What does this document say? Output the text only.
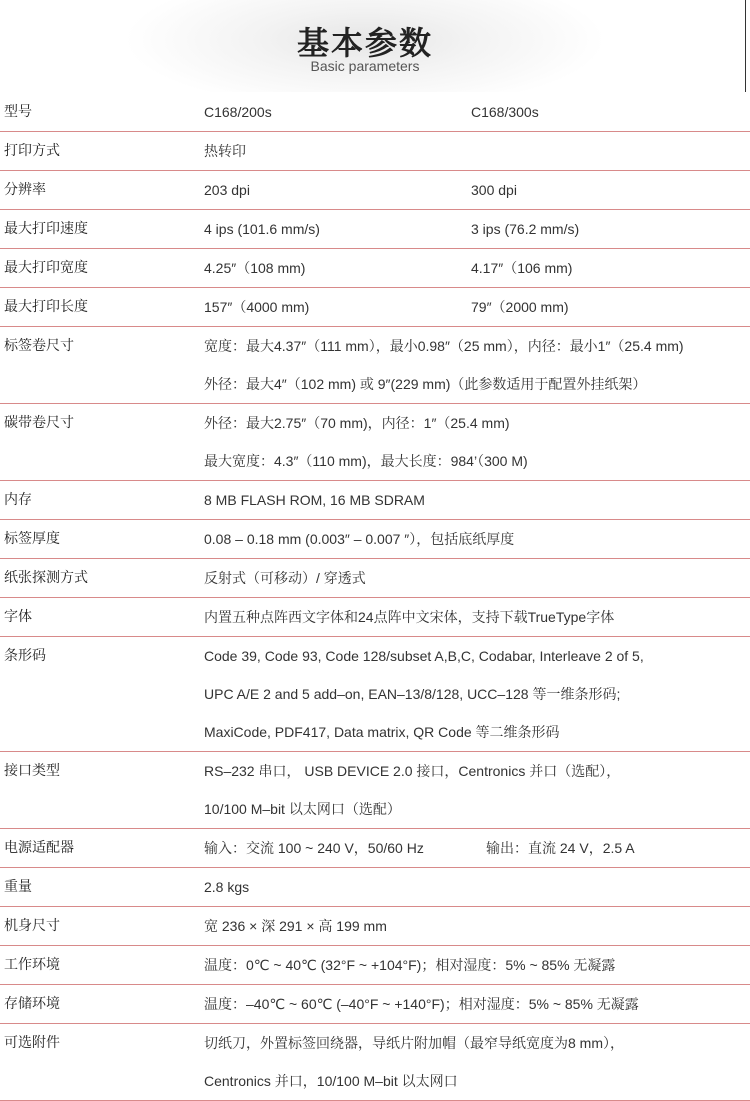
基本参数
Basic parameters
型号	C168/200s	C168/300s
打印方式	热转印
分辨率	203 dpi	300 dpi
最大打印速度	4 ips (101.6 mm/s)	3 ips (76.2 mm/s)
最大打印宽度	4.25″（108 mm)	4.17″（106 mm)
最大打印长度	157″（4000 mm)	79″（2000 mm)
标签卷尺寸	宽度：最大4.37″（111 mm），最小0.98″（25 mm），内径：最小1″（25.4 mm)
外径：最大4″（102 mm) 或 9″(229 mm)（此参数适用于配置外挂纸架）
碳带卷尺寸	外径：最大2.75″（70 mm)，内径：1″（25.4 mm)
最大宽度：4.3″（110 mm)，最大长度：984’（300 M)
内存	8 MB FLASH ROM, 16 MB SDRAM
标签厚度	0.08 – 0.18 mm (0.003″ – 0.007 ″），包括底纸厚度
纸张探测方式	反射式（可移动）/ 穿透式
字体	内置五种点阵西文字体和24点阵中文宋体，支持下载TrueType字体
条形码	Code 39, Code 93, Code 128/subset A,B,C, Codabar, Interleave 2 of 5,
UPC A/E 2 and 5 add–on, EAN–13/8/128, UCC–128 等一维条形码;
MaxiCode, PDF417, Data matrix, QR Code 等二维条形码
接口类型	RS–232 串口， USB DEVICE 2.0 接口，Centronics 并口（选配），
10/100 M–bit 以太网口（选配）
电源适配器	输入：交流 100 ~ 240 V，50/60 Hz	输出：直流 24 V，2.5 A
重量	2.8 kgs
机身尺寸	宽 236 × 深 291 × 高 199 mm
工作环境	温度：0℃ ~ 40℃ (32°F ~ +104°F)；相对湿度：5% ~ 85% 无凝露
存储环境	温度：–40℃ ~ 60℃ (–40°F ~ +140°F)；相对湿度：5% ~ 85% 无凝露
可选附件	切纸刀，外置标签回绕器，导纸片附加帽（最窄导纸宽度为8 mm），
Centronics 并口，10/100 M–bit 以太网口
